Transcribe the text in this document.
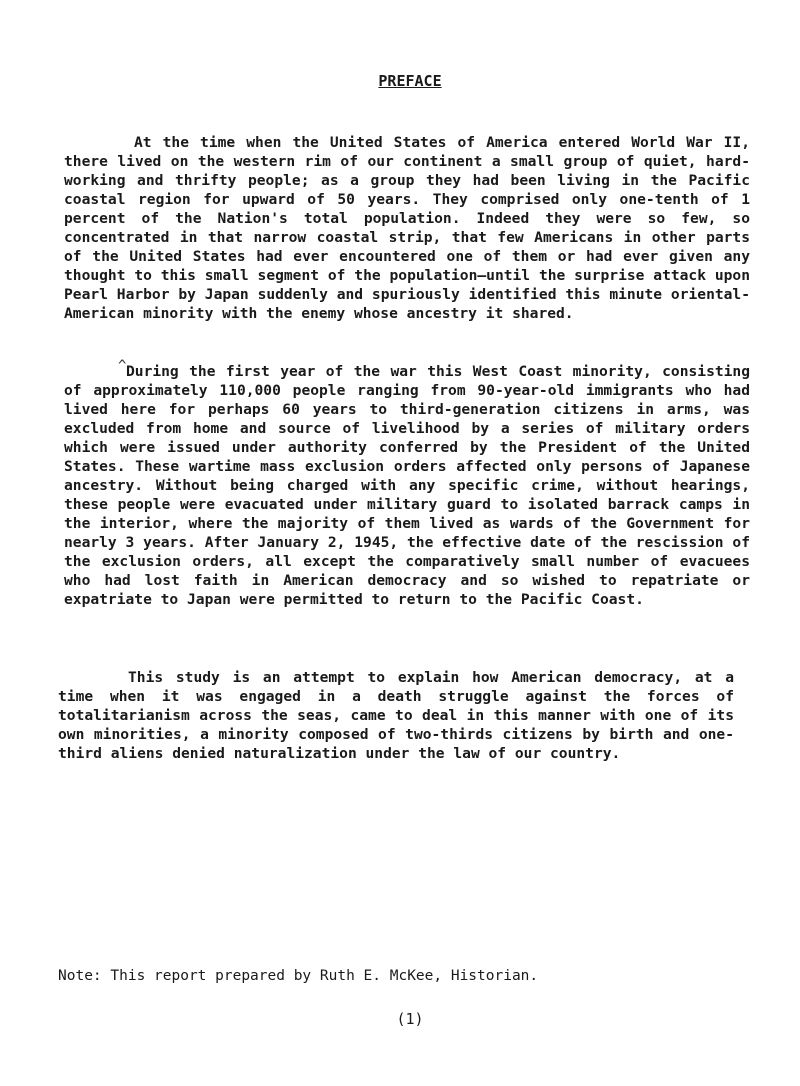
PREFACE

At the time when the United States of America entered World War II, there lived on the western rim of our continent a small group of quiet, hard-working and thrifty people; as a group they had been living in the Pacific coastal region for upward of 50 years. They comprised only one-tenth of 1 percent of the Nation's total population. Indeed they were so few, so concentrated in that narrow coastal strip, that few Americans in other parts of the United States had ever encountered one of them or had ever given any thought to this small segment of the population—until the surprise attack upon Pearl Harbor by Japan suddenly and spuriously identified this minute oriental-American minority with the enemy whose ancestry it shared.

^ During the first year of the war this West Coast minority, consisting of approximately 110,000 people ranging from 90-year-old immigrants who had lived here for perhaps 60 years to third-generation citizens in arms, was excluded from home and source of livelihood by a series of military orders which were issued under authority conferred by the President of the United States. These wartime mass exclusion orders affected only persons of Japanese ancestry. Without being charged with any specific crime, without hearings, these people were evacuated under military guard to isolated barrack camps in the interior, where the majority of them lived as wards of the Government for nearly 3 years. After January 2, 1945, the effective date of the rescission of the exclusion orders, all except the comparatively small number of evacuees who had lost faith in American democracy and so wished to repatriate or expatriate to Japan were permitted to return to the Pacific Coast.

This study is an attempt to explain how American democracy, at a time when it was engaged in a death struggle against the forces of totalitarianism across the seas, came to deal in this manner with one of its own minorities, a minority composed of two-thirds citizens by birth and one-third aliens denied naturalization under the law of our country.

Note: This report prepared by Ruth E. McKee, Historian.
(1)
